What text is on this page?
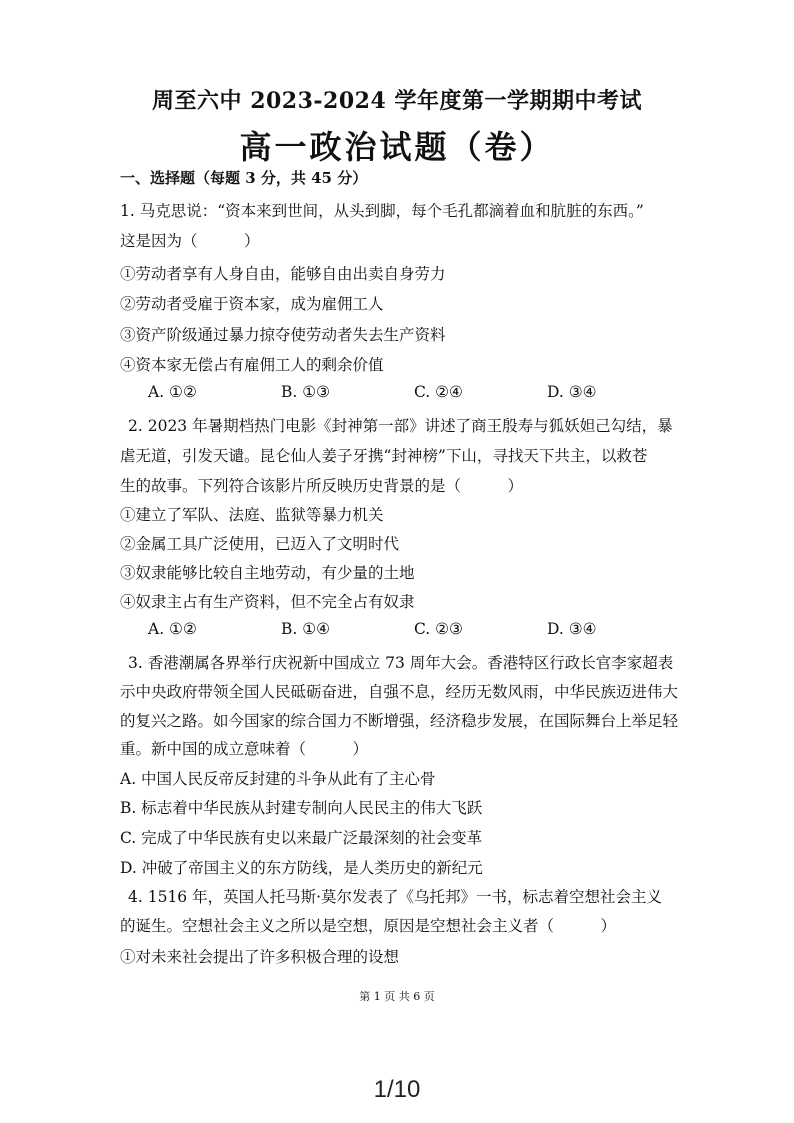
周至六中 2023-2024 学年度第一学期期中考试
高一政治试题（卷）
一、选择题（每题 3 分，共 45 分）
1. 马克思说：“资本来到世间，从头到脚，每个毛孔都滴着血和肮脏的东西。”
这是因为（　　　）
①劳动者享有人身自由，能够自由出卖自身劳力
②劳动者受雇于资本家，成为雇佣工人
③资产阶级通过暴力掠夺使劳动者失去生产资料
④资本家无偿占有雇佣工人的剩余价值
A. ①②	B. ①③	C. ②④	D. ③④
2. 2023 年暑期档热门电影《封神第一部》讲述了商王殷寿与狐妖妲己勾结，暴
虐无道，引发天谴。昆仑仙人姜子牙携“封神榜”下山，寻找天下共主，以救苍
生的故事。下列符合该影片所反映历史背景的是（　　　）
①建立了军队、法庭、监狱等暴力机关
②金属工具广泛使用，已迈入了文明时代
③奴隶能够比较自主地劳动，有少量的土地
④奴隶主占有生产资料，但不完全占有奴隶
A. ①②	B. ①④	C. ②③	D. ③④
3. 香港潮属各界举行庆祝新中国成立 73 周年大会。香港特区行政长官李家超表
示中央政府带领全国人民砥砺奋进，自强不息，经历无数风雨，中华民族迈进伟大
的复兴之路。如今国家的综合国力不断增强，经济稳步发展，在国际舞台上举足轻
重。新中国的成立意味着（　　　）
A. 中国人民反帝反封建的斗争从此有了主心骨
B. 标志着中华民族从封建专制向人民民主的伟大飞跃
C. 完成了中华民族有史以来最广泛最深刻的社会变革
D. 冲破了帝国主义的东方防线，是人类历史的新纪元
4. 1516 年，英国人托马斯·莫尔发表了《乌托邦》一书，标志着空想社会主义
的诞生。空想社会主义之所以是空想，原因是空想社会主义者（　　　）
①对未来社会提出了许多积极合理的设想
第 1 页 共 6 页
1/10
